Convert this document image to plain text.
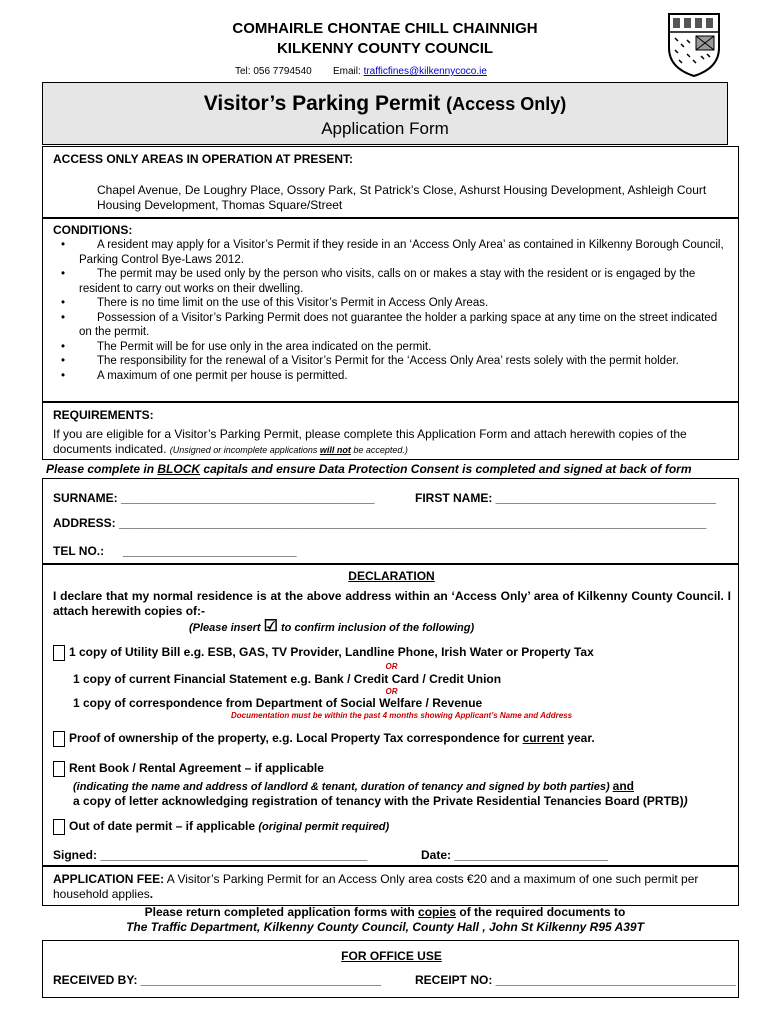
COMHAIRLE CHONTAE CHILL CHAINNIGH
KILKENNY COUNTY COUNCIL
Tel: 056 7794540 Email: trafficfines@kilkennycoco.ie
Visitor’s Parking Permit (Access Only)
Application Form
ACCESS ONLY AREAS IN OPERATION AT PRESENT:
Chapel Avenue, De Loughry Place, Ossory Park, St Patrick’s Close, Ashurst Housing Development, Ashleigh Court Housing Development, Thomas Square/Street
CONDITIONS:
•	A resident may apply for a Visitor’s Permit if they reside in an ‘Access Only Area’ as contained in Kilkenny Borough Council, Parking Control Bye-Laws 2012.
•	The permit may be used only by the person who visits, calls on or makes a stay with the resident or is engaged by the resident to carry out works on their dwelling.
•	There is no time limit on the use of this Visitor’s Permit in Access Only Areas.
•	Possession of a Visitor’s Parking Permit does not guarantee the holder a parking space at any time on the street indicated on the permit.
•	The Permit will be for use only in the area indicated on the permit.
•	The responsibility for the renewal of a Visitor’s Permit for the ‘Access Only Area’ rests solely with the permit holder.
•	A maximum of one permit per house is permitted.
REQUIREMENTS:
If you are eligible for a Visitor’s Parking Permit, please complete this Application Form and attach herewith copies of the documents indicated. (Unsigned or incomplete applications will not be accepted.)
Please complete in BLOCK capitals and ensure Data Protection Consent is completed and signed at back of form
SURNAME: ______________________________________	FIRST NAME: _________________________________
ADDRESS: ________________________________________________________________________________________
TEL NO.: __________________________
DECLARATION
I declare that my normal residence is at the above address within an ‘Access Only’ area of Kilkenny County Council. I attach herewith copies of:-
(Please insert ☑ to confirm inclusion of the following)
1 copy of Utility Bill e.g. ESB, GAS, TV Provider, Landline Phone, Irish Water or Property Tax
OR
1 copy of current Financial Statement e.g. Bank / Credit Card / Credit Union
OR
1 copy of correspondence from Department of Social Welfare / Revenue
Documentation must be within the past 4 months showing Applicant’s Name and Address
Proof of ownership of the property, e.g. Local Property Tax correspondence for current year.
Rent Book / Rental Agreement – if applicable
(indicating the name and address of landlord & tenant, duration of tenancy and signed by both parties) and
a copy of letter acknowledging registration of tenancy with the Private Residential Tenancies Board (PRTB))
Out of date permit – if applicable (original permit required)
Signed: ________________________________________	Date: _______________________
APPLICATION FEE: A Visitor’s Parking Permit for an Access Only area costs €20 and a maximum of one such permit per household applies.
Please return completed application forms with copies of the required documents to
The Traffic Department, Kilkenny County Council, County Hall , John St Kilkenny R95 A39T
FOR OFFICE USE
RECEIVED BY: ____________________________________	RECEIPT NO: ____________________________________
